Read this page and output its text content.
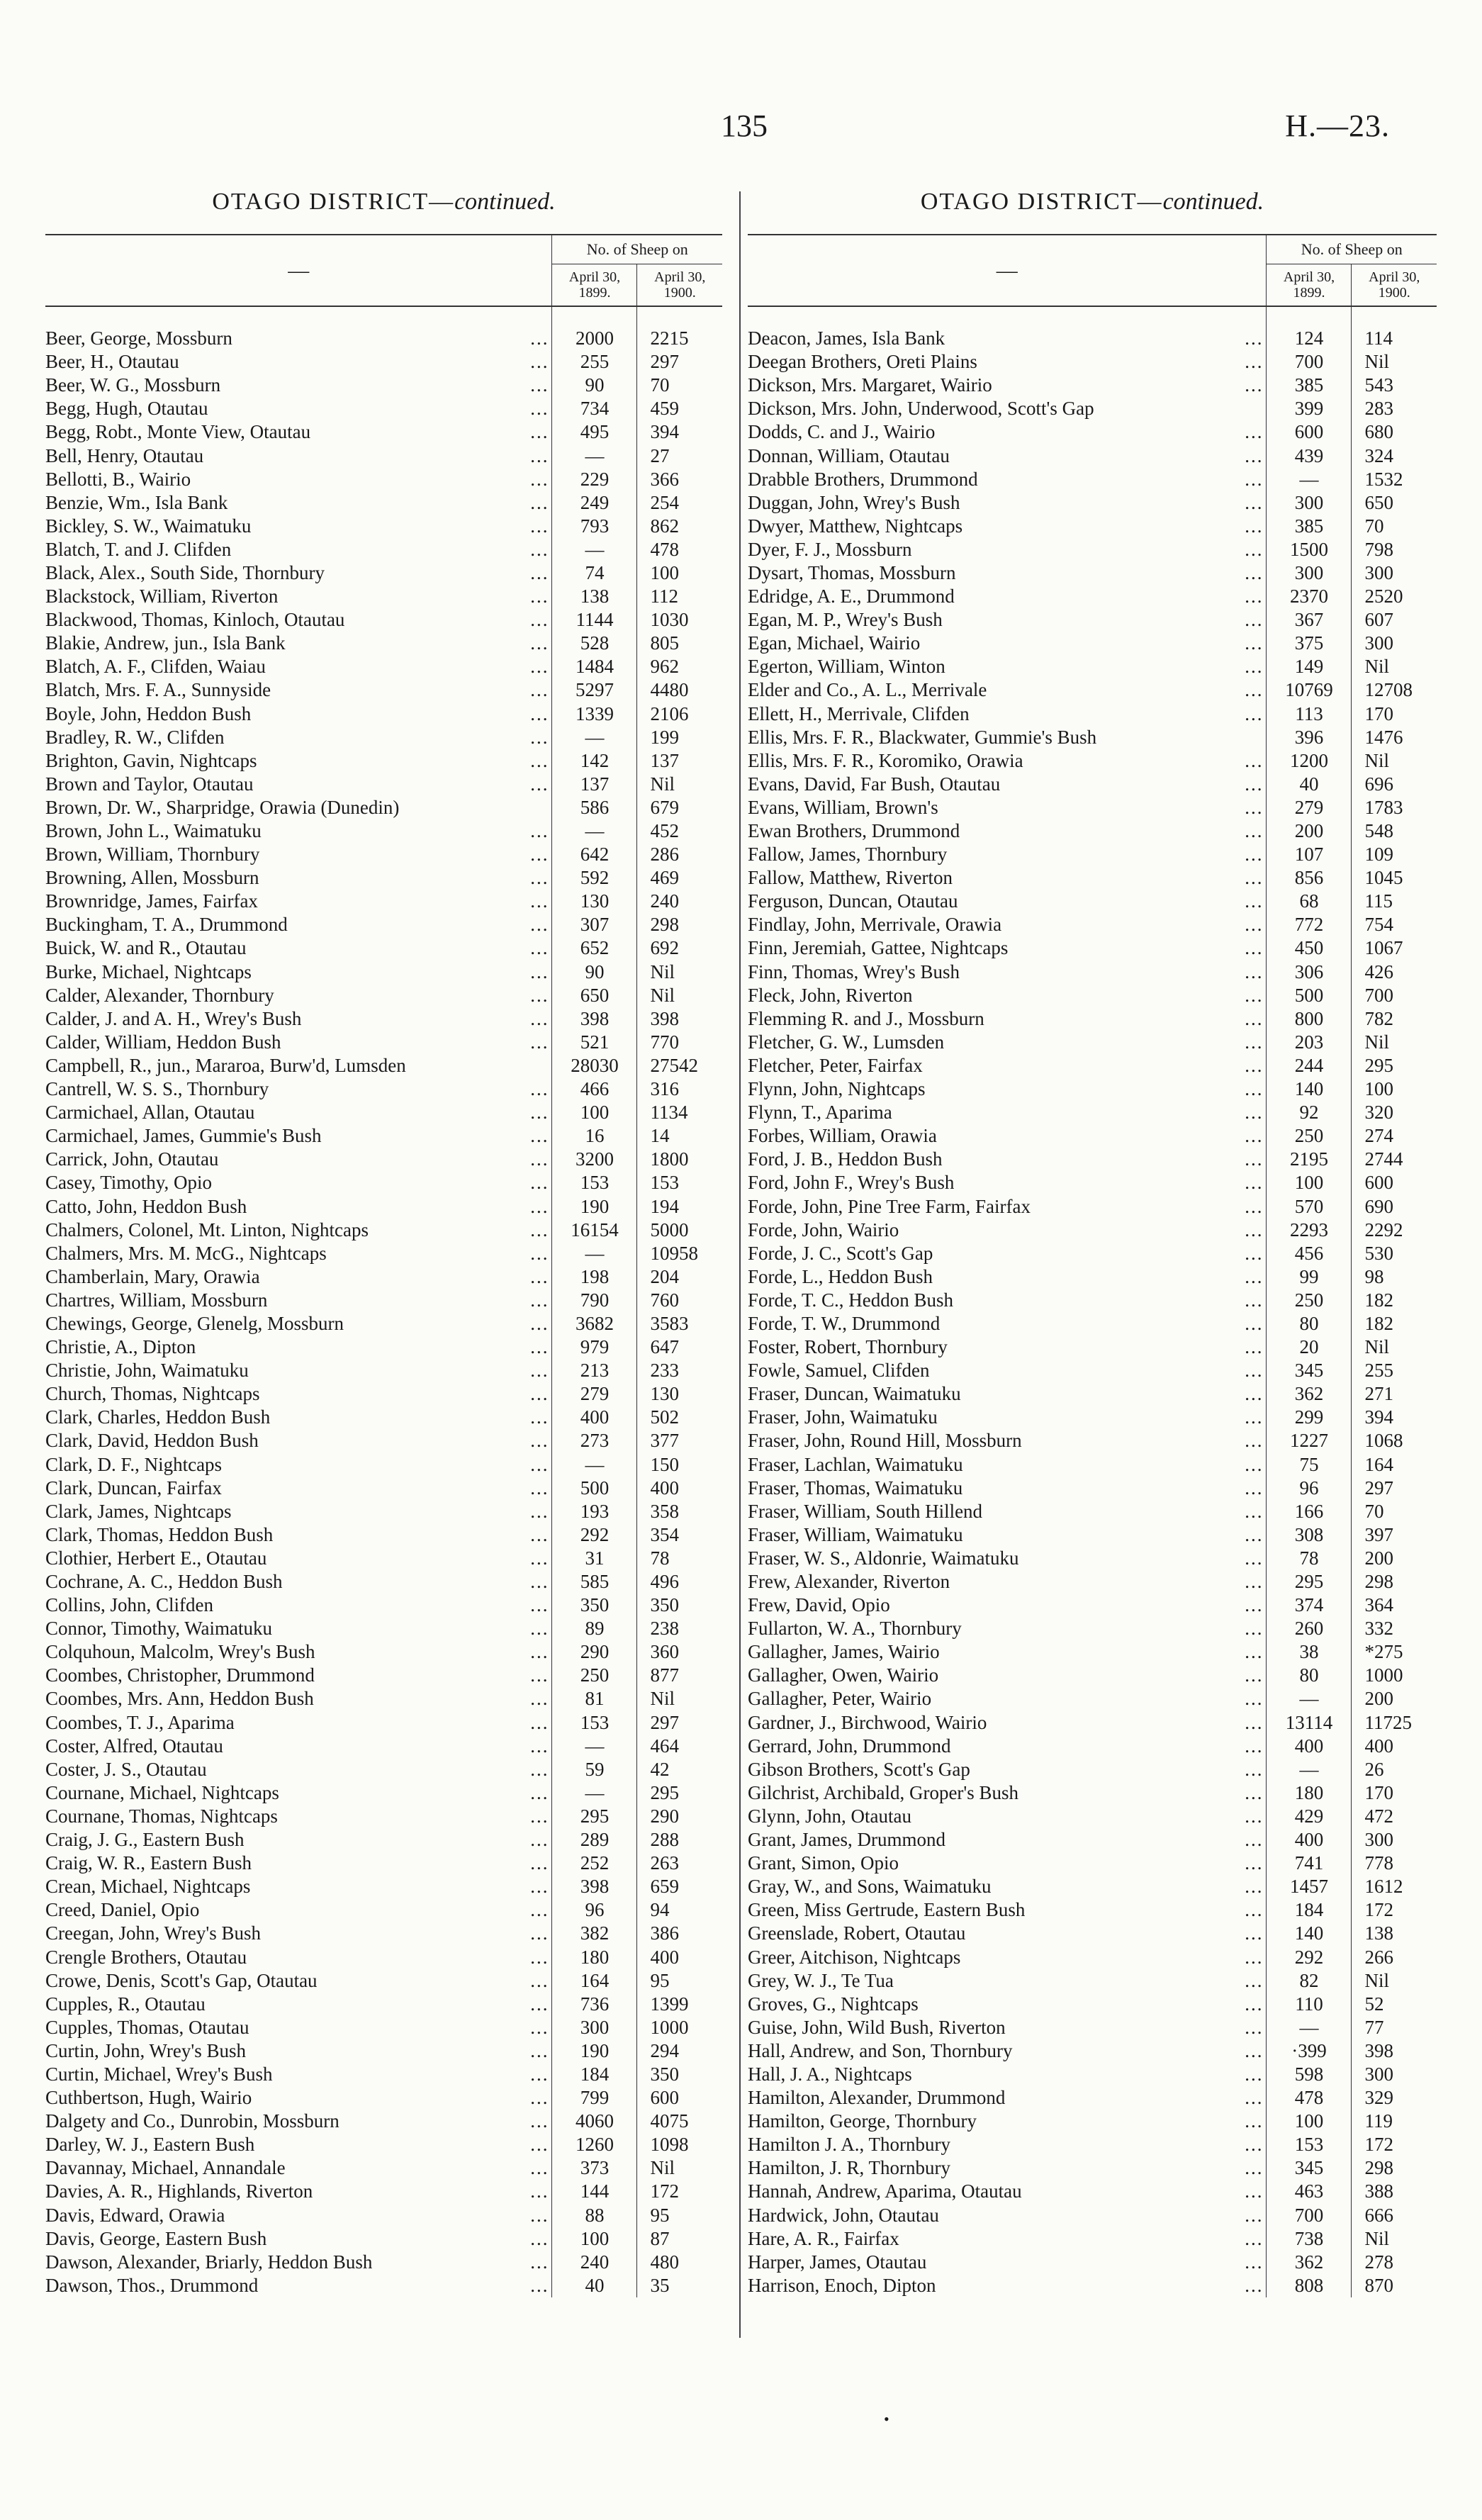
135	H.—23.
OTAGO DISTRICT—continued.
—	No. of Sheep on	
	April 30,
1899.	April 30,
1900.

...
Beer, George, Mossburn	2000	2215

...
Beer, H., Otautau	255	297

...
Beer, W. G., Mossburn	90	70

...
Begg, Hugh, Otautau	734	459

...
Begg, Robt., Monte View, Otautau	495	394

...
Bell, Henry, Otautau	—	27

...
Bellotti, B., Wairio	229	366

...
Benzie, Wm., Isla Bank	249	254

...
Bickley, S. W., Waimatuku	793	862

...
Blatch, T. and J. Clifden	—	478

...
Black, Alex., South Side, Thornbury	74	100

...
Blackstock, William, Riverton	138	112

...
Blackwood, Thomas, Kinloch, Otautau	1144	1030

...
Blakie, Andrew, jun., Isla Bank	528	805

...
Blatch, A. F., Clifden, Waiau	1484	962

...
Blatch, Mrs. F. A., Sunnyside	5297	4480

...
Boyle, John, Heddon Bush	1339	2106

...
Bradley, R. W., Clifden	—	199

...
Brighton, Gavin, Nightcaps	142	137

...
Brown and Taylor, Otautau	137	Nil

Brown, Dr. W., Sharpridge, Orawia (Dunedin)	586	679

...
Brown, John L., Waimatuku	—	452

...
Brown, William, Thornbury	642	286

...
Browning, Allen, Mossburn	592	469

...
Brownridge, James, Fairfax	130	240

...
Buckingham, T. A., Drummond	307	298

...
Buick, W. and R., Otautau	652	692

...
Burke, Michael, Nightcaps	90	Nil

...
Calder, Alexander, Thornbury	650	Nil

...
Calder, J. and A. H., Wrey's Bush	398	398

...
Calder, William, Heddon Bush	521	770

Campbell, R., jun., Mararoa, Burw'd, Lumsden	28030	27542

...
Cantrell, W. S. S., Thornbury	466	316

...
Carmichael, Allan, Otautau	100	1134

...
Carmichael, James, Gummie's Bush	16	14

...
Carrick, John, Otautau	3200	1800

...
Casey, Timothy, Opio	153	153

...
Catto, John, Heddon Bush	190	194

...
Chalmers, Colonel, Mt. Linton, Nightcaps	16154	5000

...
Chalmers, Mrs. M. McG., Nightcaps	—	10958

...
Chamberlain, Mary, Orawia	198	204

...
Chartres, William, Mossburn	790	760

...
Chewings, George, Glenelg, Mossburn	3682	3583

...
Christie, A., Dipton	979	647

...
Christie, John, Waimatuku	213	233

...
Church, Thomas, Nightcaps	279	130

...
Clark, Charles, Heddon Bush	400	502

...
Clark, David, Heddon Bush	273	377

...
Clark, D. F., Nightcaps	—	150

...
Clark, Duncan, Fairfax	500	400

...
Clark, James, Nightcaps	193	358

...
Clark, Thomas, Heddon Bush	292	354

...
Clothier, Herbert E., Otautau	31	78

...
Cochrane, A. C., Heddon Bush	585	496

...
Collins, John, Clifden	350	350

...
Connor, Timothy, Waimatuku	89	238

...
Colquhoun, Malcolm, Wrey's Bush	290	360

...
Coombes, Christopher, Drummond	250	877

...
Coombes, Mrs. Ann, Heddon Bush	81	Nil

...
Coombes, T. J., Aparima	153	297

...
Coster, Alfred, Otautau	—	464

...
Coster, J. S., Otautau	59	42

...
Cournane, Michael, Nightcaps	—	295

...
Cournane, Thomas, Nightcaps	295	290

...
Craig, J. G., Eastern Bush	289	288

...
Craig, W. R., Eastern Bush	252	263

...
Crean, Michael, Nightcaps	398	659

...
Creed, Daniel, Opio	96	94

...
Creegan, John, Wrey's Bush	382	386

...
Crengle Brothers, Otautau	180	400

...
Crowe, Denis, Scott's Gap, Otautau	164	95

...
Cupples, R., Otautau	736	1399

...
Cupples, Thomas, Otautau	300	1000

...
Curtin, John, Wrey's Bush	190	294

...
Curtin, Michael, Wrey's Bush	184	350

...
Cuthbertson, Hugh, Wairio	799	600

...
Dalgety and Co., Dunrobin, Mossburn	4060	4075

...
Darley, W. J., Eastern Bush	1260	1098

...
Davannay, Michael, Annandale	373	Nil

...
Davies, A. R., Highlands, Riverton	144	172

...
Davis, Edward, Orawia	88	95

...
Davis, George, Eastern Bush	100	87

...
Dawson, Alexander, Briarly, Heddon Bush	240	480

...
Dawson, Thos., Drummond	40	35
OTAGO DISTRICT—continued.
—	No. of Sheep on	
	April 30,
1899.	April 30,
1900.

...
Deacon, James, Isla Bank	124	114

...
Deegan Brothers, Oreti Plains	700	Nil

...
Dickson, Mrs. Margaret, Wairio	385	543

Dickson, Mrs. John, Underwood, Scott's Gap	399	283

...
Dodds, C. and J., Wairio	600	680

...
Donnan, William, Otautau	439	324

...
Drabble Brothers, Drummond	—	1532

...
Duggan, John, Wrey's Bush	300	650

...
Dwyer, Matthew, Nightcaps	385	70

...
Dyer, F. J., Mossburn	1500	798

...
Dysart, Thomas, Mossburn	300	300

...
Edridge, A. E., Drummond	2370	2520

...
Egan, M. P., Wrey's Bush	367	607

...
Egan, Michael, Wairio	375	300

...
Egerton, William, Winton	149	Nil

...
Elder and Co., A. L., Merrivale	10769	12708

...
Ellett, H., Merrivale, Clifden	113	170

Ellis, Mrs. F. R., Blackwater, Gummie's Bush	396	1476

...
Ellis, Mrs. F. R., Koromiko, Orawia	1200	Nil

...
Evans, David, Far Bush, Otautau	40	696

...
Evans, William, Brown's	279	1783

...
Ewan Brothers, Drummond	200	548

...
Fallow, James, Thornbury	107	109

...
Fallow, Matthew, Riverton	856	1045

...
Ferguson, Duncan, Otautau	68	115

...
Findlay, John, Merrivale, Orawia	772	754

...
Finn, Jeremiah, Gattee, Nightcaps	450	1067

...
Finn, Thomas, Wrey's Bush	306	426

...
Fleck, John, Riverton	500	700

...
Flemming R. and J., Mossburn	800	782

...
Fletcher, G. W., Lumsden	203	Nil

...
Fletcher, Peter, Fairfax	244	295

...
Flynn, John, Nightcaps	140	100

...
Flynn, T., Aparima	92	320

...
Forbes, William, Orawia	250	274

...
Ford, J. B., Heddon Bush	2195	2744

...
Ford, John F., Wrey's Bush	100	600

...
Forde, John, Pine Tree Farm, Fairfax	570	690

...
Forde, John, Wairio	2293	2292

...
Forde, J. C., Scott's Gap	456	530

...
Forde, L., Heddon Bush	99	98

...
Forde, T. C., Heddon Bush	250	182

...
Forde, T. W., Drummond	80	182

...
Foster, Robert, Thornbury	20	Nil

...
Fowle, Samuel, Clifden	345	255

...
Fraser, Duncan, Waimatuku	362	271

...
Fraser, John, Waimatuku	299	394

...
Fraser, John, Round Hill, Mossburn	1227	1068

...
Fraser, Lachlan, Waimatuku	75	164

...
Fraser, Thomas, Waimatuku	96	297

...
Fraser, William, South Hillend	166	70

...
Fraser, William, Waimatuku	308	397

...
Fraser, W. S., Aldonrie, Waimatuku	78	200

...
Frew, Alexander, Riverton	295	298

...
Frew, David, Opio	374	364

...
Fullarton, W. A., Thornbury	260	332

...
Gallagher, James, Wairio	38	*275

...
Gallagher, Owen, Wairio	80	1000

...
Gallagher, Peter, Wairio	—	200

...
Gardner, J., Birchwood, Wairio	13114	11725

...
Gerrard, John, Drummond	400	400

...
Gibson Brothers, Scott's Gap	—	26

...
Gilchrist, Archibald, Groper's Bush	180	170

...
Glynn, John, Otautau	429	472

...
Grant, James, Drummond	400	300

...
Grant, Simon, Opio	741	778

...
Gray, W., and Sons, Waimatuku	1457	1612

...
Green, Miss Gertrude, Eastern Bush	184	172

...
Greenslade, Robert, Otautau	140	138

...
Greer, Aitchison, Nightcaps	292	266

...
Grey, W. J., Te Tua	82	Nil

...
Groves, G., Nightcaps	110	52

...
Guise, John, Wild Bush, Riverton	—	77

...
Hall, Andrew, and Son, Thornbury	·399	398

...
Hall, J. A., Nightcaps	598	300

...
Hamilton, Alexander, Drummond	478	329

...
Hamilton, George, Thornbury	100	119

...
Hamilton J. A., Thornbury	153	172

...
Hamilton, J. R, Thornbury	345	298

...
Hannah, Andrew, Aparima, Otautau	463	388

...
Hardwick, John, Otautau	700	666

...
Hare, A. R., Fairfax	738	Nil

...
Harper, James, Otautau	362	278

...
Harrison, Enoch, Dipton	808	870
•
